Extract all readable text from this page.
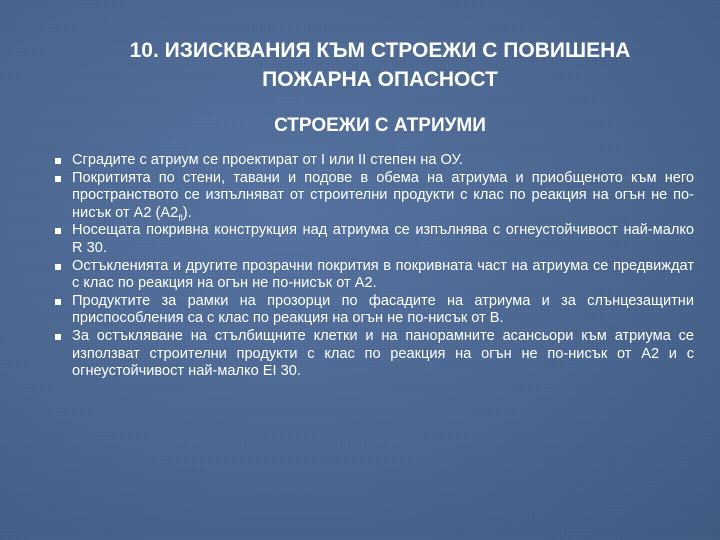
10. ИЗИСКВАНИЯ КЪМ СТРОЕЖИ С ПОВИШЕНА
ПОЖАРНА ОПАСНОСТ
СТРОЕЖИ С АТРИУМИ
Сградите с атриум се проектират от I или II степен на ОУ.
Покритията по стени, тавани и подове в обема на атриума и приобщеното към него пространството се изпълняват от строителни продукти с клас по реакция на огън не по-нисък от А2 $(А2_{fl})$.
Носещата покривна конструкция над атриума се изпълнява с огнеустойчивост най-малко R 30.
Остъкленията и другите прозрачни покрития в покривната част на атриума се предвиждат с клас по реакция на огън не по-нисък от А2.
Продуктите за рамки на прозорци по фасадите на атриума и за слънцезащитни приспособления са с клас по реакция на огън не по-нисък от В.
За остъкляване на стълбищните клетки и на панорамните асансьори към атриума се използват строителни продукти с клас по реакция на огън не по-нисък от А2 и с огнеустойчивост най-малко EI 30.
